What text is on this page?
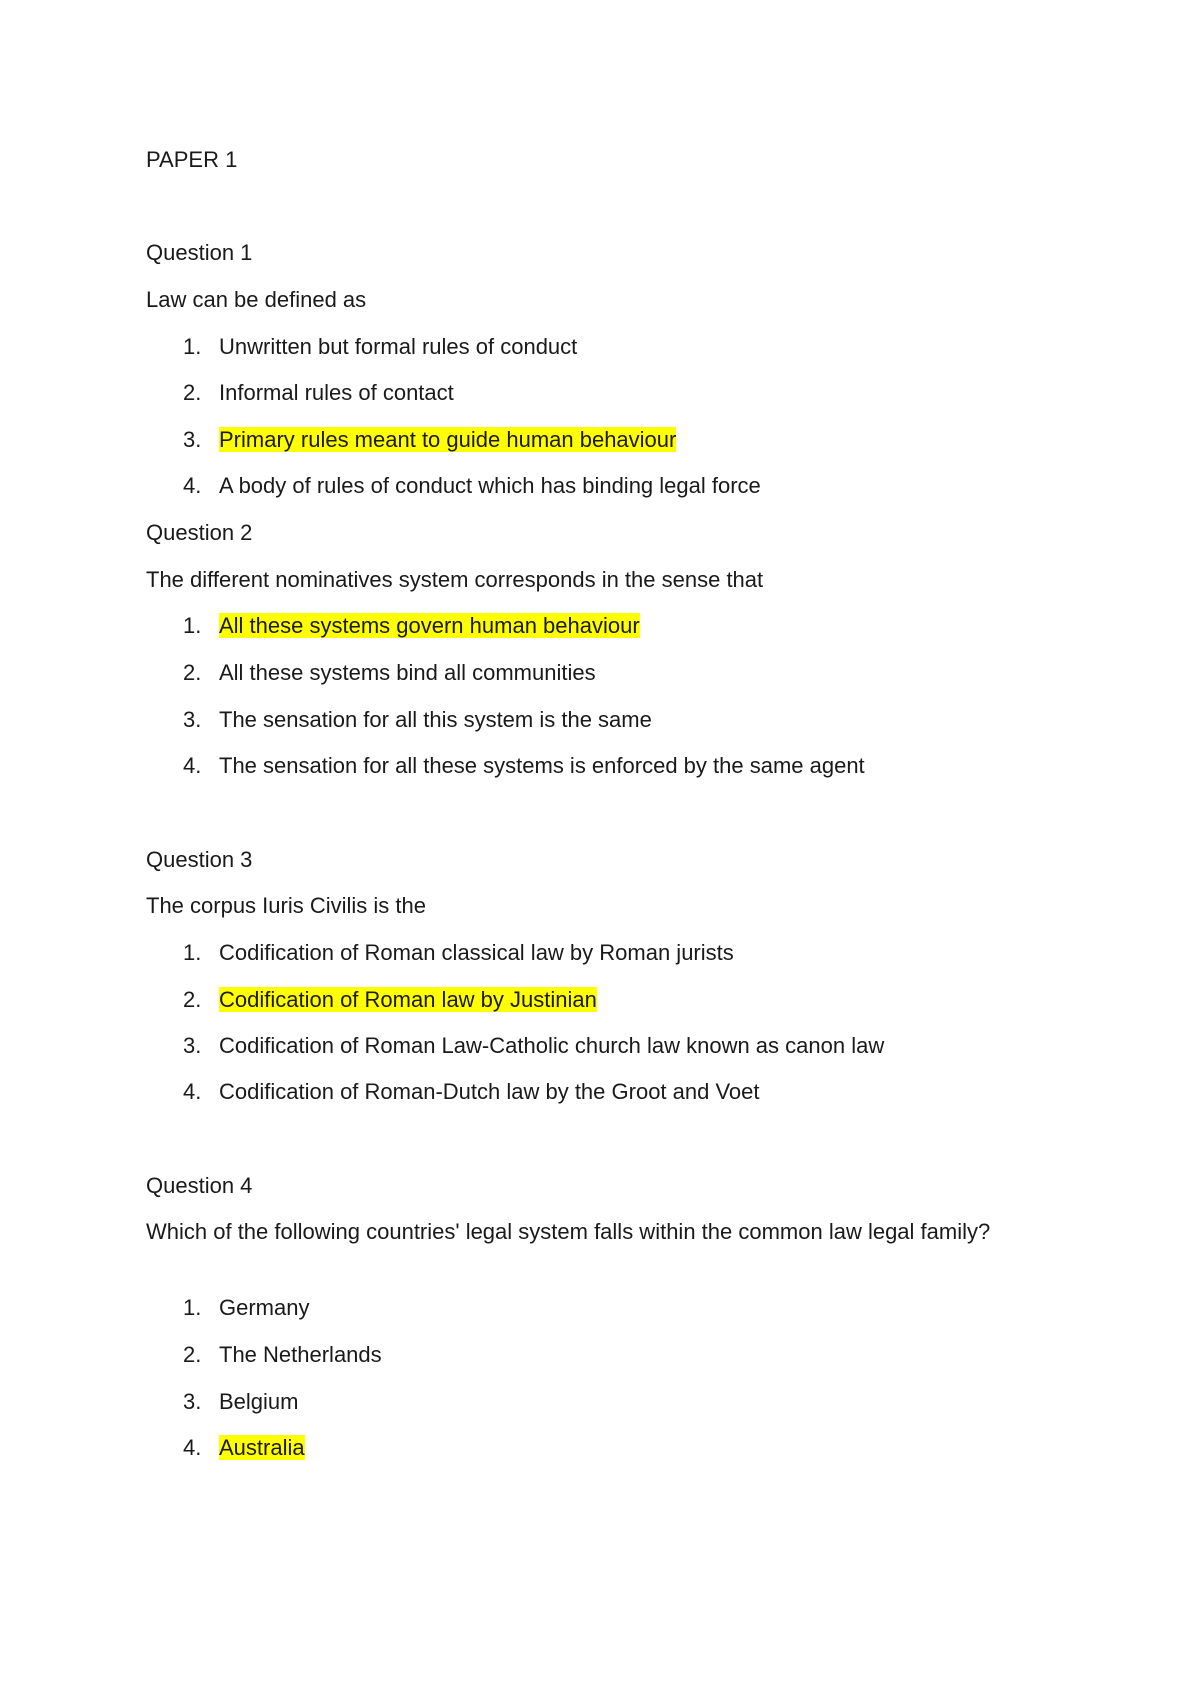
PAPER 1
Question 1
Law can be defined as
1. Unwritten but formal rules of conduct
2. Informal rules of contact
3. Primary rules meant to guide human behaviour
4. A body of rules of conduct which has binding legal force
Question 2
The different nominatives system corresponds in the sense that
1. All these systems govern human behaviour
2. All these systems bind all communities
3. The sensation for all this system is the same
4. The sensation for all these systems is enforced by the same agent
Question 3
The corpus Iuris Civilis is the
1. Codification of Roman classical law by Roman jurists
2. Codification of Roman law by Justinian
3. Codification of Roman Law-Catholic church law known as canon law
4. Codification of Roman-Dutch law by the Groot and Voet
Question 4
Which of the following countries' legal system falls within the common law legal family?
1. Germany
2. The Netherlands
3. Belgium
4. Australia
